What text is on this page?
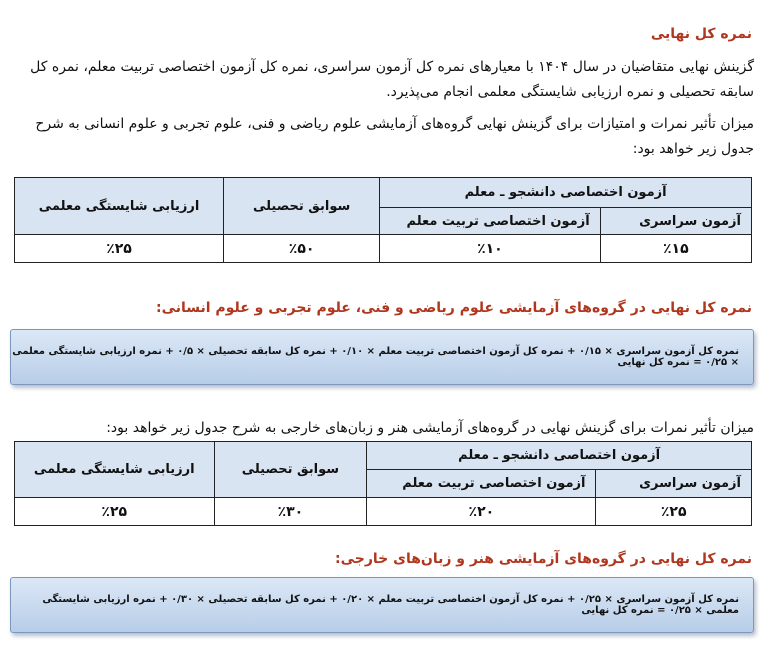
نمره کل نهایی
گزینش نهایی متقاضیان در سال ۱۴۰۴ با معیارهای نمره کل آزمون سراسری، نمره کل آزمون اختصاصی تربیت معلم، نمره کل سابقه تحصیلی و نمره ارزیابی شایستگی معلمی انجام می‌پذیرد.
میزان تأثیر نمرات و امتیازات برای گزینش نهایی گروه‌های آزمایشی علوم ریاضی و فنی، علوم تجربی و علوم انسانی به شرح جدول زیر خواهد بود:
آزمون اختصاصی دانشجو ـ معلم		سوابق تحصیلی	ارزیابی شایستگی معلمی
آزمون سراسری	آزمون اختصاصی تربیت معلم		
٪۱۵	٪۱۰	٪۵۰	٪۲۵
نمره کل نهایی در گروه‌های آزمایشی علوم ریاضی و فنی، علوم تجربی و علوم انسانی:
نمره کل آزمون سراسری × ۰/۱۵ + نمره کل آزمون اختصاصی تربیت معلم × ۰/۱۰ + نمره کل سابقه تحصیلی × ۰/۵ + نمره ارزیابی شایستگی معلمی × ۰/۲۵ = نمره کل نهایی
میزان تأثیر نمرات برای گزینش نهایی در گروه‌های آزمایشی هنر و زبان‌های خارجی به شرح جدول زیر خواهد بود:
آزمون اختصاصی دانشجو ـ معلم		سوابق تحصیلی	ارزیابی شایستگی معلمی
آزمون سراسری	آزمون اختصاصی تربیت معلم		
٪۲۵	٪۲۰	٪۳۰	٪۲۵
نمره کل نهایی در گروه‌های آزمایشی هنر و زبان‌های خارجی:
نمره کل آزمون سراسری × ۰/۲۵ + نمره کل آزمون اختصاصی تربیت معلم × ۰/۲۰ + نمره کل سابقه تحصیلی × ۰/۳۰ + نمره ارزیابی شایستگی معلمی × ۰/۲۵ = نمره کل نهایی
